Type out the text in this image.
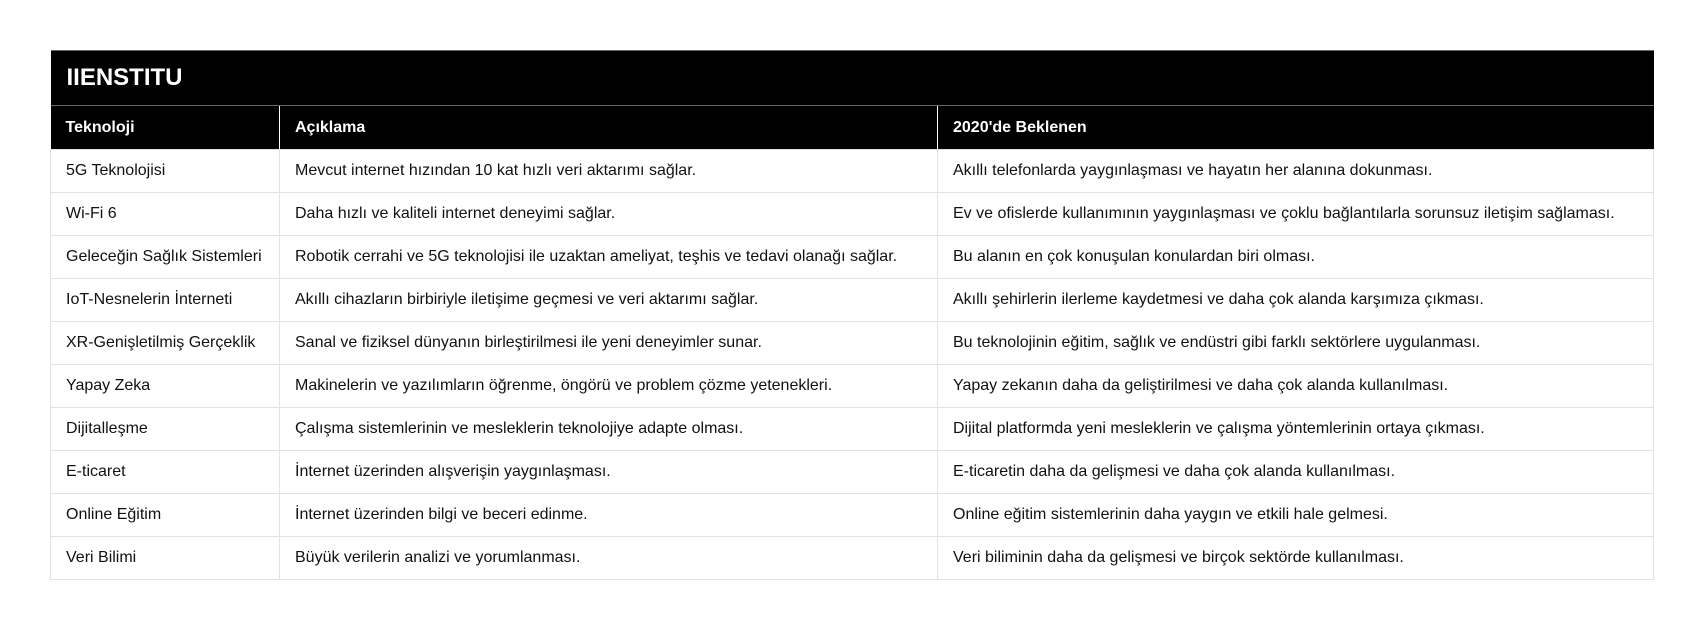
IIENSTITU		
Teknoloji	Açıklama	2020'de Beklenen
5G Teknolojisi	Mevcut internet hızından 10 kat hızlı veri aktarımı sağlar.	Akıllı telefonlarda yaygınlaşması ve hayatın her alanına dokunması.
Wi-Fi 6	Daha hızlı ve kaliteli internet deneyimi sağlar.	Ev ve ofislerde kullanımının yaygınlaşması ve çoklu bağlantılarla sorunsuz iletişim sağlaması.
Geleceğin Sağlık Sistemleri	Robotik cerrahi ve 5G teknolojisi ile uzaktan ameliyat, teşhis ve tedavi olanağı sağlar.	Bu alanın en çok konuşulan konulardan biri olması.
IoT-Nesnelerin İnterneti	Akıllı cihazların birbiriyle iletişime geçmesi ve veri aktarımı sağlar.	Akıllı şehirlerin ilerleme kaydetmesi ve daha çok alanda karşımıza çıkması.
XR-Genişletilmiş Gerçeklik	Sanal ve fiziksel dünyanın birleştirilmesi ile yeni deneyimler sunar.	Bu teknolojinin eğitim, sağlık ve endüstri gibi farklı sektörlere uygulanması.
Yapay Zeka	Makinelerin ve yazılımların öğrenme, öngörü ve problem çözme yetenekleri.	Yapay zekanın daha da geliştirilmesi ve daha çok alanda kullanılması.
Dijitalleşme	Çalışma sistemlerinin ve mesleklerin teknolojiye adapte olması.	Dijital platformda yeni mesleklerin ve çalışma yöntemlerinin ortaya çıkması.
E-ticaret	İnternet üzerinden alışverişin yaygınlaşması.	E-ticaretin daha da gelişmesi ve daha çok alanda kullanılması.
Online Eğitim	İnternet üzerinden bilgi ve beceri edinme.	Online eğitim sistemlerinin daha yaygın ve etkili hale gelmesi.
Veri Bilimi	Büyük verilerin analizi ve yorumlanması.	Veri biliminin daha da gelişmesi ve birçok sektörde kullanılması.
